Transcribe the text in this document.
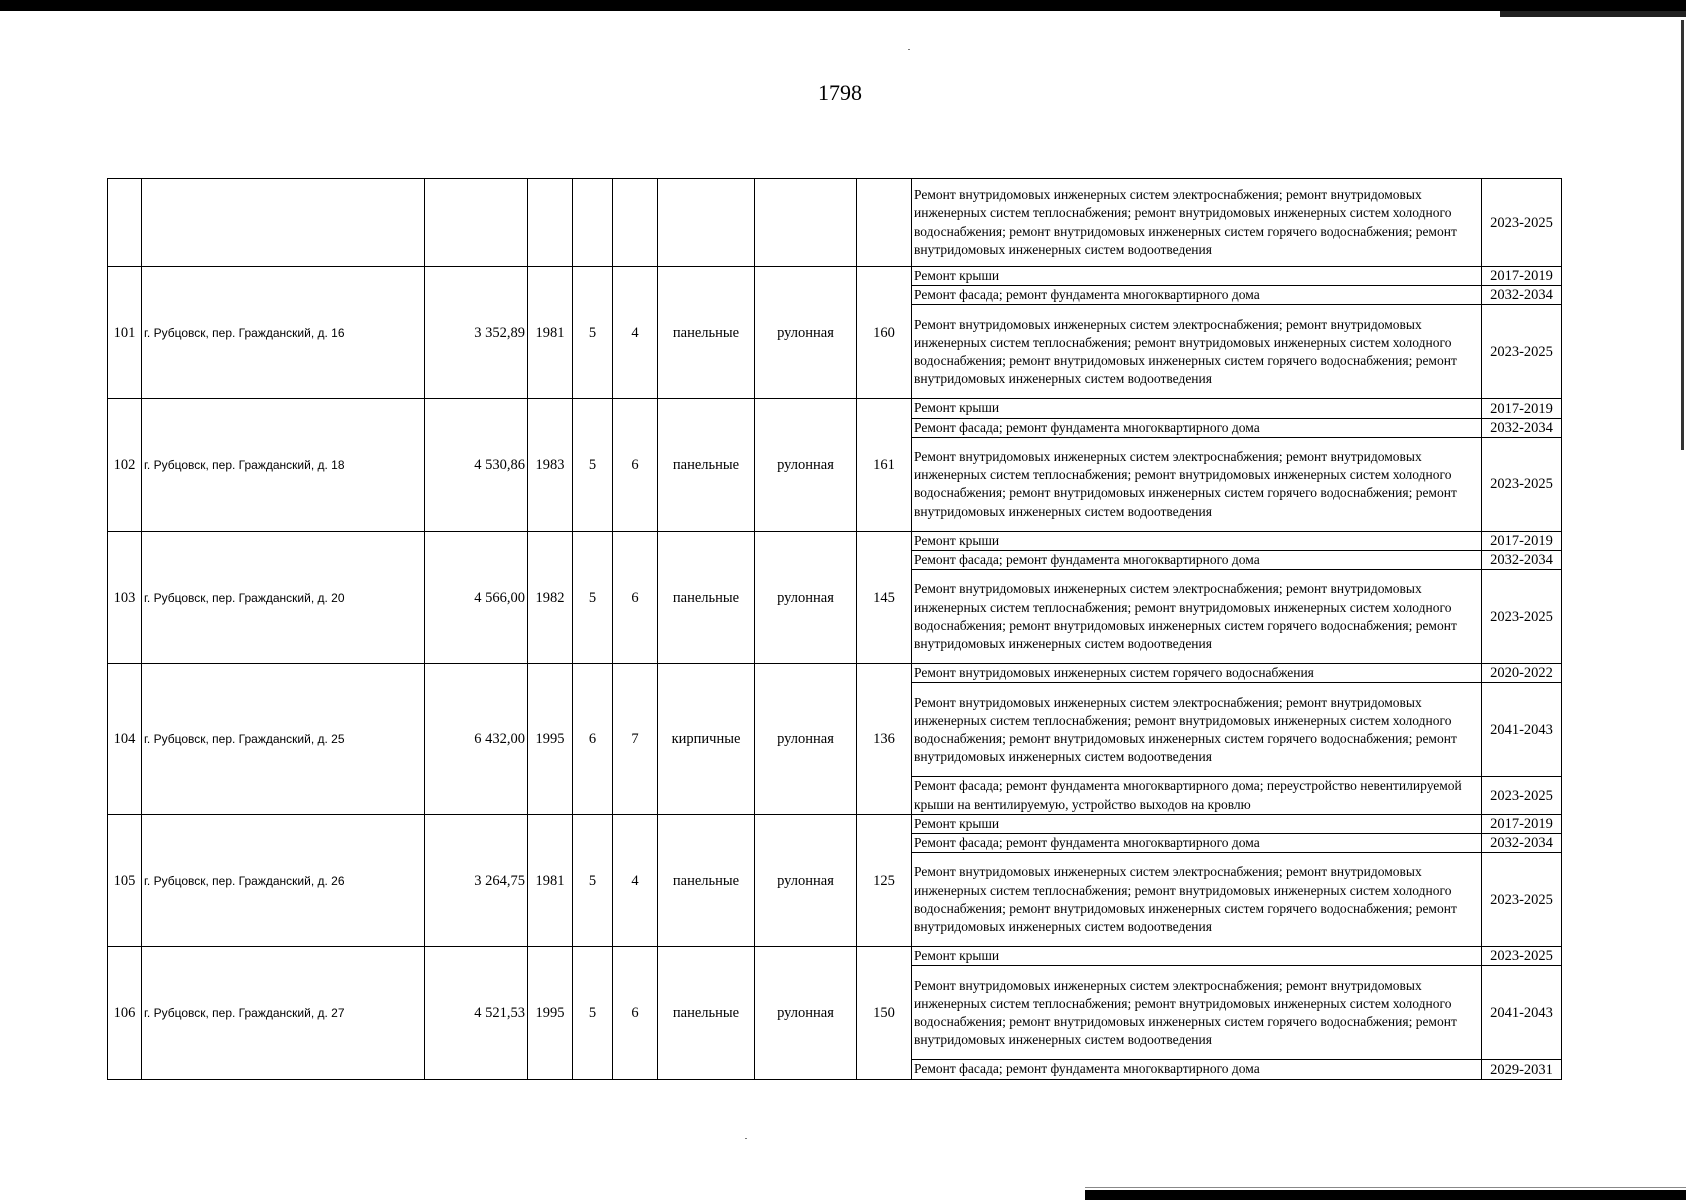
1798
									Ремонт внутридомовых инженерных систем электроснабжения; ремонт внутридомовых инженерных систем теплоснабжения; ремонт внутридомовых инженерных систем холодного водоснабжения; ремонт внутридомовых инженерных систем горячего водоснабжения; ремонт внутридомовых инженерных систем водоотведения	2023-2025
101	г. Рубцовск, пер. Гражданский, д. 16	3 352,89	1981	5	4	панельные	рулонная	160	Ремонт крыши	2017-2019
									Ремонт фасада; ремонт фундамента многоквартирного дома	2032-2034
									Ремонт внутридомовых инженерных систем электроснабжения; ремонт внутридомовых инженерных систем теплоснабжения; ремонт внутридомовых инженерных систем холодного водоснабжения; ремонт внутридомовых инженерных систем горячего водоснабжения; ремонт внутридомовых инженерных систем водоотведения	2023-2025
102	г. Рубцовск, пер. Гражданский, д. 18	4 530,86	1983	5	6	панельные	рулонная	161	Ремонт крыши	2017-2019
									Ремонт фасада; ремонт фундамента многоквартирного дома	2032-2034
									Ремонт внутридомовых инженерных систем электроснабжения; ремонт внутридомовых инженерных систем теплоснабжения; ремонт внутридомовых инженерных систем холодного водоснабжения; ремонт внутридомовых инженерных систем горячего водоснабжения; ремонт внутридомовых инженерных систем водоотведения	2023-2025
103	г. Рубцовск, пер. Гражданский, д. 20	4 566,00	1982	5	6	панельные	рулонная	145	Ремонт крыши	2017-2019
									Ремонт фасада; ремонт фундамента многоквартирного дома	2032-2034
									Ремонт внутридомовых инженерных систем электроснабжения; ремонт внутридомовых инженерных систем теплоснабжения; ремонт внутридомовых инженерных систем холодного водоснабжения; ремонт внутридомовых инженерных систем горячего водоснабжения; ремонт внутридомовых инженерных систем водоотведения	2023-2025
104	г. Рубцовск, пер. Гражданский, д. 25	6 432,00	1995	6	7	кирпичные	рулонная	136	Ремонт внутридомовых инженерных систем горячего водоснабжения	2020-2022
									Ремонт внутридомовых инженерных систем электроснабжения; ремонт внутридомовых инженерных систем теплоснабжения; ремонт внутридомовых инженерных систем холодного водоснабжения; ремонт внутридомовых инженерных систем горячего водоснабжения; ремонт внутридомовых инженерных систем водоотведения	2041-2043
									Ремонт фасада; ремонт фундамента многоквартирного дома; переустройство невентилируемой крыши на вентилируемую, устройство выходов на кровлю	2023-2025
105	г. Рубцовск, пер. Гражданский, д. 26	3 264,75	1981	5	4	панельные	рулонная	125	Ремонт крыши	2017-2019
									Ремонт фасада; ремонт фундамента многоквартирного дома	2032-2034
									Ремонт внутридомовых инженерных систем электроснабжения; ремонт внутридомовых инженерных систем теплоснабжения; ремонт внутридомовых инженерных систем холодного водоснабжения; ремонт внутридомовых инженерных систем горячего водоснабжения; ремонт внутридомовых инженерных систем водоотведения	2023-2025
106	г. Рубцовск, пер. Гражданский, д. 27	4 521,53	1995	5	6	панельные	рулонная	150	Ремонт крыши	2023-2025
									Ремонт внутридомовых инженерных систем электроснабжения; ремонт внутридомовых инженерных систем теплоснабжения; ремонт внутридомовых инженерных систем холодного водоснабжения; ремонт внутридомовых инженерных систем горячего водоснабжения; ремонт внутридомовых инженерных систем водоотведения	2041-2043
									Ремонт фасада; ремонт фундамента многоквартирного дома	2029-2031
